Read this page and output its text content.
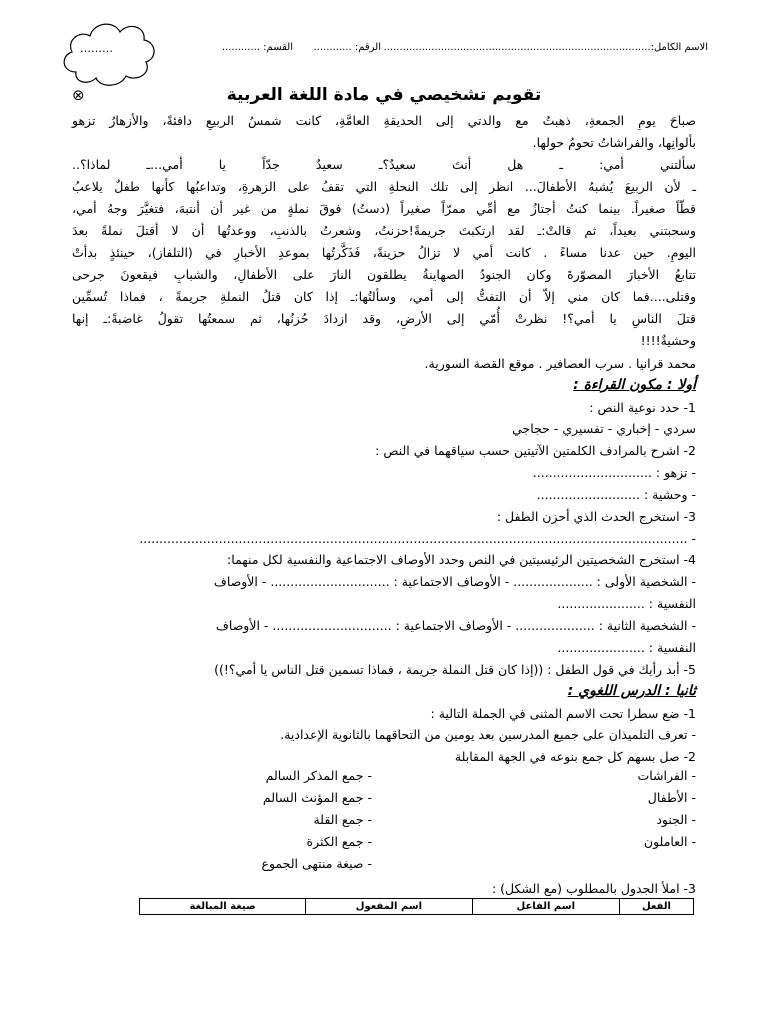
………	الاسم الكامل:....................................................................................
الرقم: ............
القسم: ............
⊗	تقويم تشخيصي في مادة اللغة العربية
صباحَ يومِ الجمعةِ، ذهبتُ مع والدتي إلى الحديقةِ العامَّةِ، كانت شمسُ الربيعِ دافئةً، والأزهارُ تزهو
بألوانِها، والفراشاتُ تحومُ حولها.
سألتني أمي: ـ هل أنتَ سعيدٌ؟ـ سعيدٌ جدّاً يا أمي...ـ لماذا؟..
ـ لأن الربيعَ يُشبهُ الأطفالَ... انظر إلى تلك النحلةِ التي تقفُ على الزهرةِ، وتداعبُها كأنها طفلٌ يلاعبُ
قطّاً صغيراً. بينما كنتُ أجتازُ مع أمِّي ممرّاً صغيراً (دستُ) فوقَ نملةٍ من غير أن أنتبهَ، فتغيَّرَ وجهُ أمي،
وسحبتني بعيداً، ثم قالتْ:ـ لقد ارتكبتَ جريمةً!حزنتُ، وشعرتُ بالذنبِ، ووعدتُها أن لا أقتلَ نملةً بعدَ
اليومِ. حين عدنا مساءً . كانت أمي لا تزالُ حزينةً، فَذَكَّرتُها بموعدِ الأخبارِ في (التلفاز)، حينئذٍ بدأتْ
تتابعُ الأخبارَ المصوّرةَ وكان الجنودُ الصهاينةُ يطلقون النارَ على الأطفالِ، والشبابِ فيقعونَ جرحى
وقتلى....فما كان مني إلاّ أن التفتُّ إلى أمي، وسألتُها:ـ إذا كان قتلُ النملةِ جريمةً ، فماذا تُسمِّين
قتلَ الناسِ يا أمي؟! نظرتْ أُمّي إلى الأرضِ، وقد ازدادَ حُزنُها، ثم سمعتُها تقولُ غاضبةً:ـ إنها
وحشيةٌ!!!!
محمد قرانيا . سرب العصافير . موقع القصة السورية.
أولا : مكون القراءة :
1- حدد نوعية النص :
سردي - إخباري - تفسيري - حجاجي
2- اشرح بالمرادف الكلمتين الآتيتين حسب سياقهما في النص :
- تزهو : ..............................
- وحشية : ..........................
3- استخرج الحدث الذي أحزن الطفل :
- ..........................................................................................................................................
4- استخرج الشخصيتين الرئيسيتين في النص وحدد الأوصاف الاجتماعية والنفسية لكل منهما:
- الشخصية الأولى : .................... - الأوصاف الاجتماعية : .............................. - الأوصاف
النفسية : ......................
- الشخصية الثانية : .................... - الأوصاف الاجتماعية : .............................. - الأوصاف
النفسية : ......................
5- أبد رأيك في قول الطفل : ((إذا كان قتل النملة جريمة ، فماذا تسمين قتل الناس يا أمي؟!))
ثانيا : الدرس اللغوي :
1- ضع سطرا تحت الاسم المثنى في الجملة التالية :
- تعرف التلميذان على جميع المدرسين بعد يومين من التحاقهما بالثانوية الإعدادية.
2- صل بسهم كل جمع بنوعه في الجهة المقابلة
- الفراشات
- الأطفال
- الجنود
- العاملون
- جمع المذكر السالم
- جمع المؤنث السالم
- جمع القلة
- جمع الكثرة
- صيغة منتهى الجموع
3- املأ الجدول بالمطلوب (مع الشكل) :
الفعل	اسم الفاعل	اسم المفعول	صيغة المبالغة
